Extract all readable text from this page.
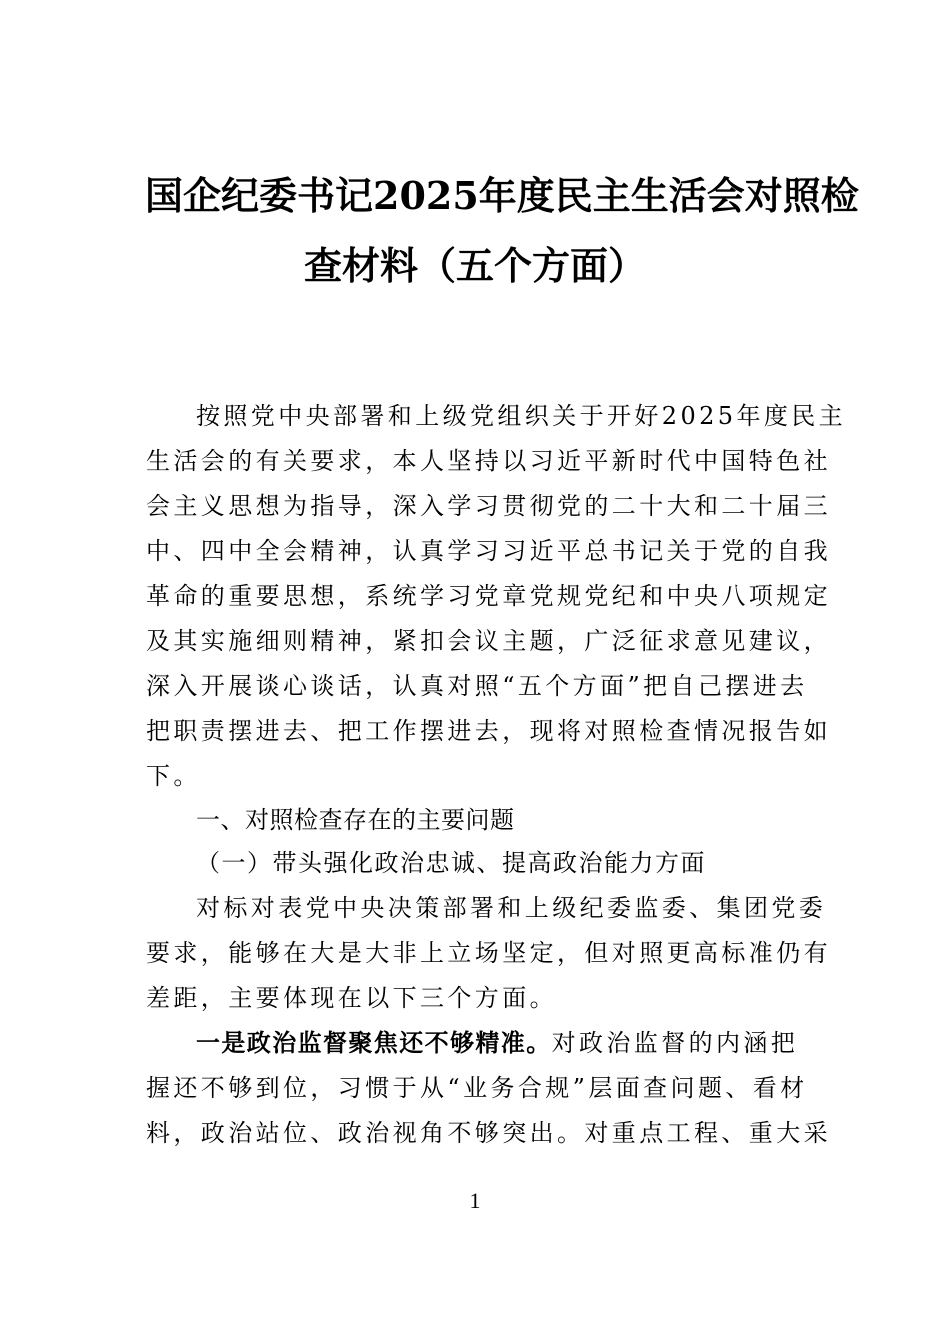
国企纪委书记2025年度民主生活会对照检
查材料（五个方面）
按照党中央部署和上级党组织关于开好2025年度民主
生活会的有关要求，本人坚持以习近平新时代中国特色社
会主义思想为指导，深入学习贯彻党的二十大和二十届三
中、四中全会精神，认真学习习近平总书记关于党的自我
革命的重要思想，系统学习党章党规党纪和中央八项规定
及其实施细则精神，紧扣会议主题，广泛征求意见建议，
深入开展谈心谈话，认真对照“五个方面”把自己摆进去
把职责摆进去、把工作摆进去，现将对照检查情况报告如
下。
一、对照检查存在的主要问题
（一）带头强化政治忠诚、提高政治能力方面
对标对表党中央决策部署和上级纪委监委、集团党委
要求，能够在大是大非上立场坚定，但对照更高标准仍有
差距，主要体现在以下三个方面。
一是政治监督聚焦还不够精准。对政治监督的内涵把
握还不够到位，习惯于从“业务合规”层面查问题、看材
料，政治站位、政治视角不够突出。对重点工程、重大采
1
